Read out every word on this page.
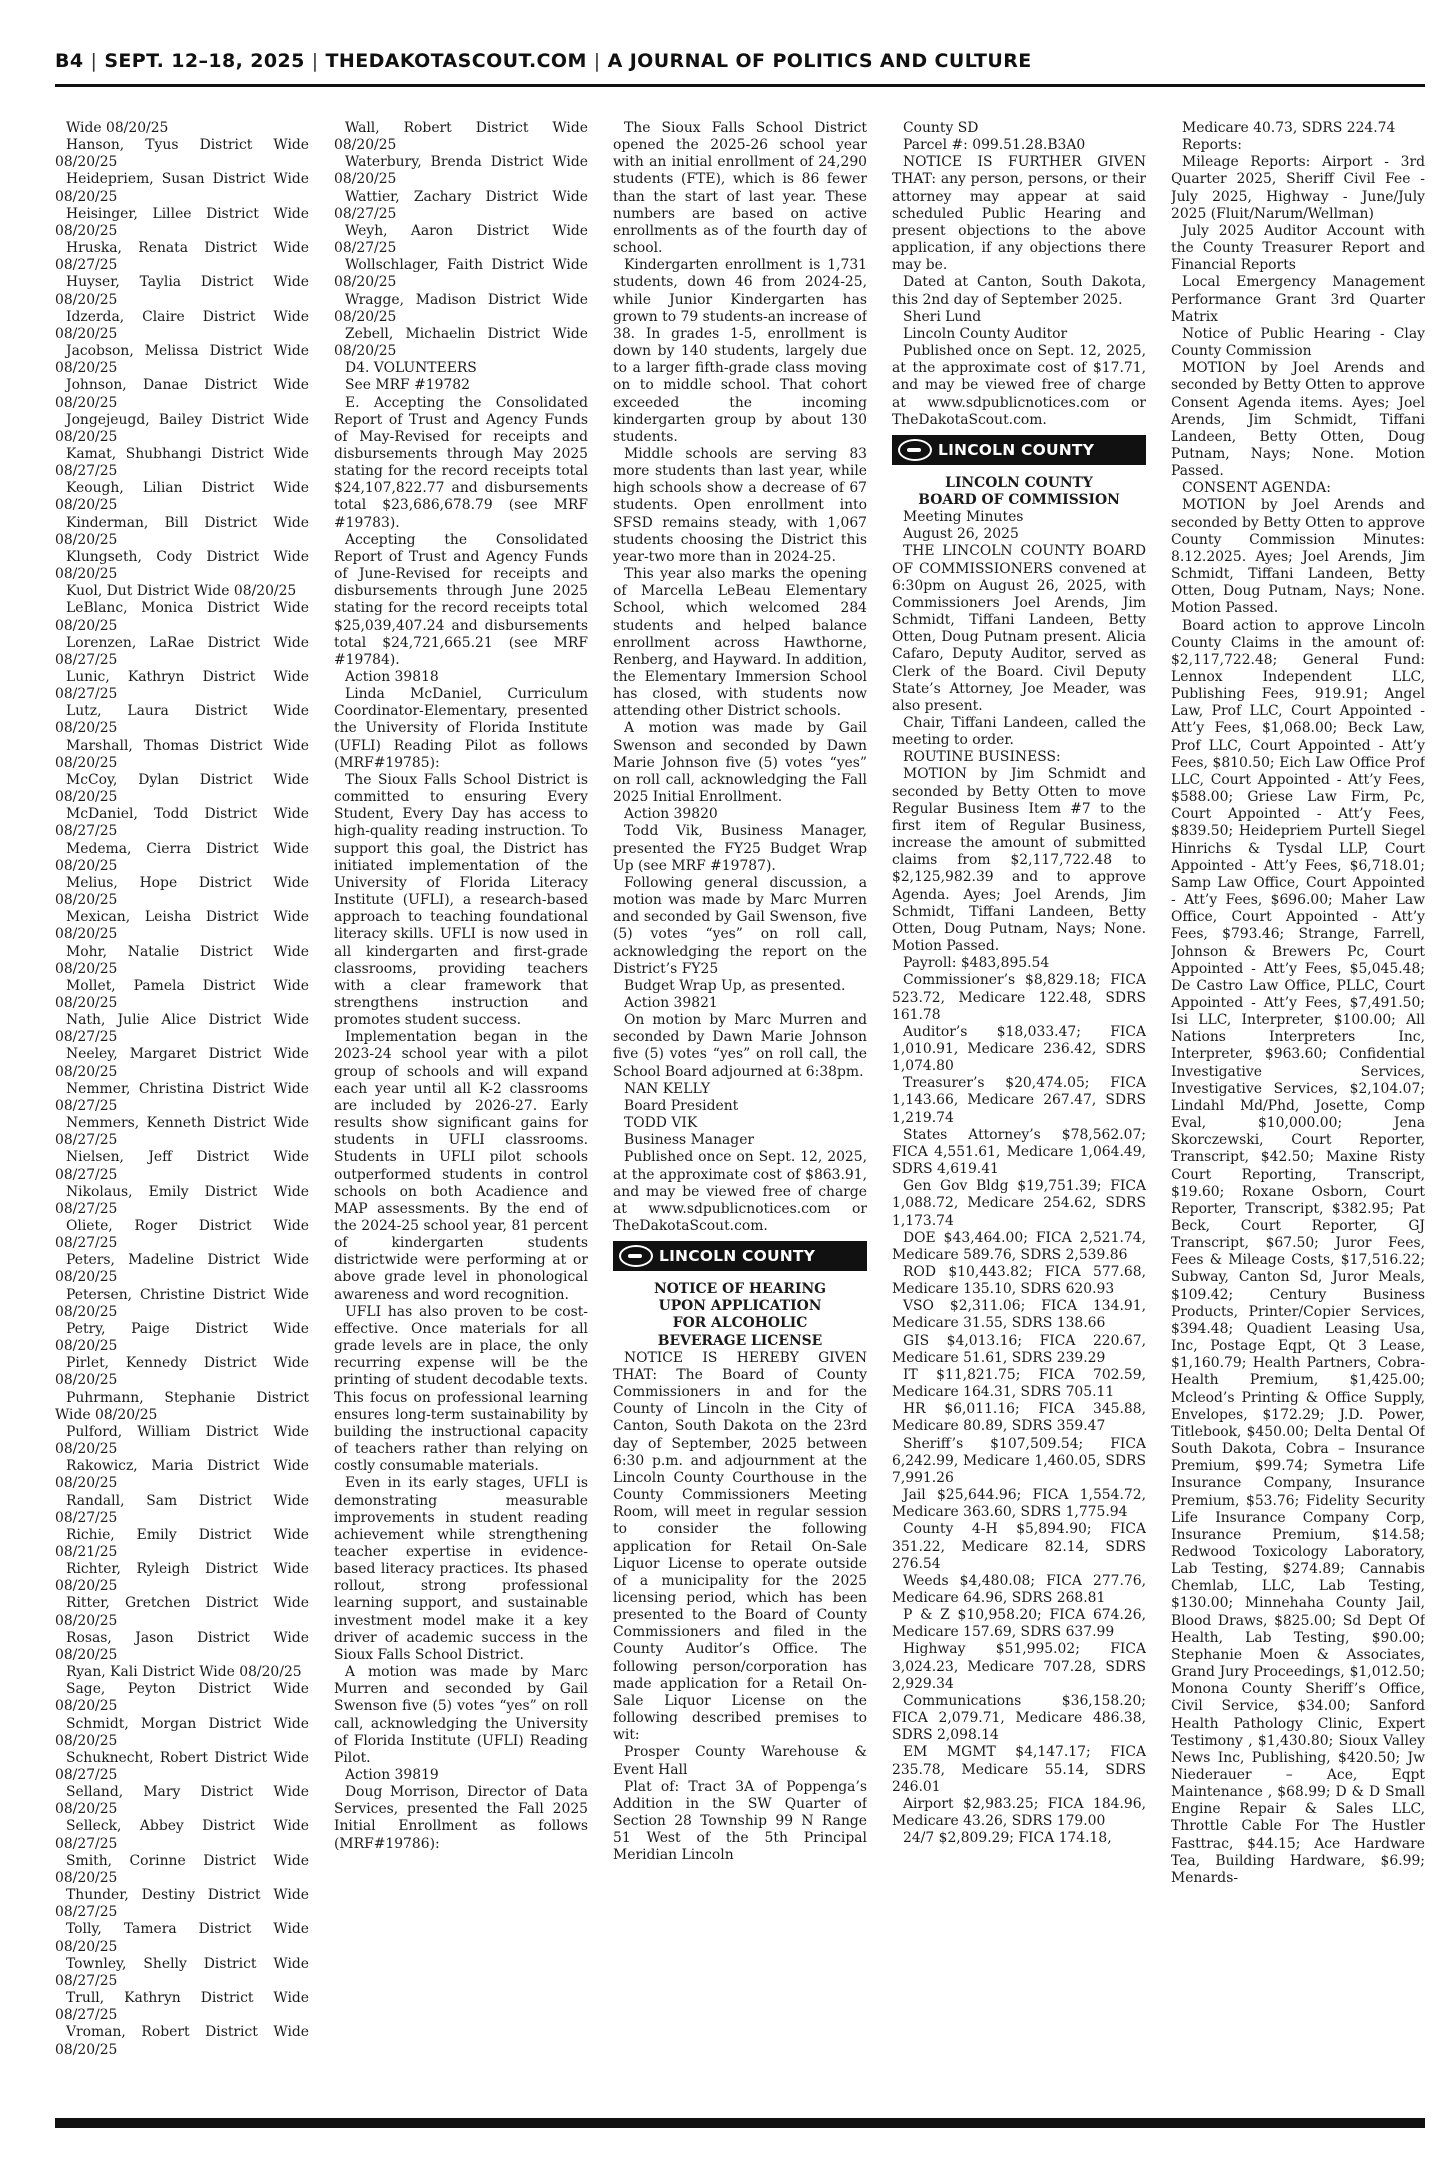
B4 | SEPT. 12–18, 2025 | THEDAKOTASCOUT.COM | A JOURNAL OF POLITICS AND CULTURE

Wide 08/20/25

Hanson, Tyus District Wide 08/20/25

Heidepriem, Susan District Wide 08/20/25

Heisinger, Lillee District Wide 08/20/25

Hruska, Renata District Wide 08/27/25

Huyser, Taylia District Wide 08/20/25

Idzerda, Claire District Wide 08/20/25

Jacobson, Melissa District Wide 08/20/25

Johnson, Danae District Wide 08/20/25

Jongejeugd, Bailey District Wide 08/20/25

Kamat, Shubhangi District Wide 08/27/25

Keough, Lilian District Wide 08/20/25

Kinderman, Bill District Wide 08/20/25

Klungseth, Cody District Wide 08/20/25

Kuol, Dut District Wide 08/20/25

LeBlanc, Monica District Wide 08/20/25

Lorenzen, LaRae District Wide 08/27/25

Lunic, Kathryn District Wide 08/27/25

Lutz, Laura District Wide 08/20/25

Marshall, Thomas District Wide 08/20/25

McCoy, Dylan District Wide 08/20/25

McDaniel, Todd District Wide 08/27/25

Medema, Cierra District Wide 08/20/25

Melius, Hope District Wide 08/20/25

Mexican, Leisha District Wide 08/20/25

Mohr, Natalie District Wide 08/20/25

Mollet, Pamela District Wide 08/20/25

Nath, Julie Alice District Wide 08/27/25

Neeley, Margaret District Wide 08/20/25

Nemmer, Christina District Wide 08/27/25

Nemmers, Kenneth District Wide 08/27/25

Nielsen, Jeff District Wide 08/27/25

Nikolaus, Emily District Wide 08/27/25

Oliete, Roger District Wide 08/27/25

Peters, Madeline District Wide 08/20/25

Petersen, Christine District Wide 08/20/25

Petry, Paige District Wide 08/20/25

Pirlet, Kennedy District Wide 08/20/25

Puhrmann, Stephanie District Wide 08/20/25

Pulford, William District Wide 08/20/25

Rakowicz, Maria District Wide 08/20/25

Randall, Sam District Wide 08/27/25

Richie, Emily District Wide 08/21/25

Richter, Ryleigh District Wide 08/20/25

Ritter, Gretchen District Wide 08/20/25

Rosas, Jason District Wide 08/20/25

Ryan, Kali District Wide 08/20/25

Sage, Peyton District Wide 08/20/25

Schmidt, Morgan District Wide 08/20/25

Schuknecht, Robert District Wide 08/27/25

Selland, Mary District Wide 08/20/25

Selleck, Abbey District Wide 08/27/25

Smith, Corinne District Wide 08/20/25

Thunder, Destiny District Wide 08/27/25

Tolly, Tamera District Wide 08/20/25

Townley, Shelly District Wide 08/27/25

Trull, Kathryn District Wide 08/27/25

Vroman, Robert District Wide 08/20/25

Wall, Robert District Wide 08/20/25

Waterbury, Brenda District Wide 08/20/25

Wattier, Zachary District Wide 08/27/25

Weyh, Aaron District Wide 08/27/25

Wollschlager, Faith District Wide 08/20/25

Wragge, Madison District Wide 08/20/25

Zebell, Michaelin District Wide 08/20/25

D4. VOLUNTEERS

See MRF #19782

E. Accepting the Consolidated Report of Trust and Agency Funds of May-Revised for receipts and disbursements through May 2025 stating for the record receipts total $24,107,822.77 and disbursements total $23,686,678.79 (see MRF #19783).

Accepting the Consolidated Report of Trust and Agency Funds of June-Revised for receipts and disbursements through June 2025 stating for the record receipts total $25,039,407.24 and disbursements total $24,721,665.21 (see MRF #19784).

Action 39818

Linda McDaniel, Curriculum Coordinator-Elementary, presented the University of Florida Institute (UFLI) Reading Pilot as follows (MRF#19785):

The Sioux Falls School District is committed to ensuring Every Student, Every Day has access to high-quality reading instruction. To support this goal, the District has initiated implementation of the University of Florida Literacy Institute (UFLI), a research-based approach to teaching foundational literacy skills. UFLI is now used in all kindergarten and first-grade classrooms, providing teachers with a clear framework that strengthens instruction and promotes student success.

Implementation began in the 2023-24 school year with a pilot group of schools and will expand each year until all K-2 classrooms are included by 2026-27. Early results show significant gains for students in UFLI classrooms. Students in UFLI pilot schools outperformed students in control schools on both Acadience and MAP assessments. By the end of the 2024-25 school year, 81 percent of kindergarten students districtwide were performing at or above grade level in phonological awareness and word recognition.

UFLI has also proven to be cost-effective. Once materials for all grade levels are in place, the only recurring expense will be the printing of student decodable texts. This focus on professional learning ensures long-term sustainability by building the instructional capacity of teachers rather than relying on costly consumable materials.

Even in its early stages, UFLI is demonstrating measurable improvements in student reading achievement while strengthening teacher expertise in evidence-based literacy practices. Its phased rollout, strong professional learning support, and sustainable investment model make it a key driver of academic success in the Sioux Falls School District.

A motion was made by Marc Murren and seconded by Gail Swenson five (5) votes “yes” on roll call, acknowledging the University of Florida Institute (UFLI) Reading Pilot.

Action 39819

Doug Morrison, Director of Data Services, presented the Fall 2025 Initial Enrollment as follows (MRF#19786):

The Sioux Falls School District opened the 2025-26 school year with an initial enrollment of 24,290 students (FTE), which is 86 fewer than the start of last year. These numbers are based on active enrollments as of the fourth day of school.

Kindergarten enrollment is 1,731 students, down 46 from 2024-25, while Junior Kindergarten has grown to 79 students-an increase of 38. In grades 1-5, enrollment is down by 140 students, largely due to a larger fifth-grade class moving on to middle school. That cohort exceeded the incoming kindergarten group by about 130 students.

Middle schools are serving 83 more students than last year, while high schools show a decrease of 67 students. Open enrollment into SFSD remains steady, with 1,067 students choosing the District this year-two more than in 2024-25.

This year also marks the opening of Marcella LeBeau Elementary School, which welcomed 284 students and helped balance enrollment across Hawthorne, Renberg, and Hayward. In addition, the Elementary Immersion School has closed, with students now attending other District schools.

A motion was made by Gail Swenson and seconded by Dawn Marie Johnson five (5) votes “yes” on roll call, acknowledging the Fall 2025 Initial Enrollment.

Action 39820

Todd Vik, Business Manager, presented the FY25 Budget Wrap Up (see MRF #19787).

Following general discussion, a motion was made by Marc Murren and seconded by Gail Swenson, five (5) votes “yes” on roll call, acknowledging the report on the District’s FY25

Budget Wrap Up, as presented.

Action 39821

On motion by Marc Murren and seconded by Dawn Marie Johnson five (5) votes “yes” on roll call, the School Board adjourned at 6:38pm.

NAN KELLY

Board President

TODD VIK

Business Manager

Published once on Sept. 12, 2025, at the approximate cost of $863.91, and may be viewed free of charge at www.sdpublicnotices.com or TheDakotaScout.com.

LINCOLN COUNTY

NOTICE OF HEARING

UPON APPLICATION

FOR ALCOHOLIC

BEVERAGE LICENSE

NOTICE IS HEREBY GIVEN THAT: The Board of County Commissioners in and for the County of Lincoln in the City of Canton, South Dakota on the 23rd day of September, 2025 between 6:30 p.m. and adjournment at the Lincoln County Courthouse in the County Commissioners Meeting Room, will meet in regular session to consider the following application for Retail On-Sale Liquor License to operate outside of a municipality for the 2025 licensing period, which has been presented to the Board of County Commissioners and filed in the County Auditor’s Office. The following person/corporation has made application for a Retail On-Sale Liquor License on the following described premises to wit:

Prosper County Warehouse & Event Hall

Plat of: Tract 3A of Poppenga’s Addition in the SW Quarter of Section 28 Township 99 N Range 51 West of the 5th Principal Meridian Lincoln

County SD

Parcel #: 099.51.28.B3A0

NOTICE IS FURTHER GIVEN THAT: any person, persons, or their attorney may appear at said scheduled Public Hearing and present objections to the above application, if any objections there may be.

Dated at Canton, South Dakota, this 2nd day of September 2025.

Sheri Lund

Lincoln County Auditor

Published once on Sept. 12, 2025, at the approximate cost of $17.71, and may be viewed free of charge at www.sdpublicnotices.com or TheDakotaScout.com.

LINCOLN COUNTY

LINCOLN COUNTY

BOARD OF COMMISSION

Meeting Minutes

August 26, 2025

THE LINCOLN COUNTY BOARD OF COMMISSIONERS convened at 6:30pm on August 26, 2025, with Commissioners Joel Arends, Jim Schmidt, Tiffani Landeen, Betty Otten, Doug Putnam present. Alicia Cafaro, Deputy Auditor, served as Clerk of the Board. Civil Deputy State’s Attorney, Joe Meader, was also present.

Chair, Tiffani Landeen, called the meeting to order.

ROUTINE BUSINESS:

MOTION by Jim Schmidt and seconded by Betty Otten to move Regular Business Item #7 to the first item of Regular Business, increase the amount of submitted claims from $2,117,722.48 to $2,125,982.39 and to approve Agenda. Ayes; Joel Arends, Jim Schmidt, Tiffani Landeen, Betty Otten, Doug Putnam, Nays; None. Motion Passed.

Payroll: $483,895.54

Commissioner’s $8,829.18; FICA 523.72, Medicare 122.48, SDRS 161.78

Auditor’s $18,033.47; FICA 1,010.91, Medicare 236.42, SDRS 1,074.80

Treasurer’s $20,474.05; FICA 1,143.66, Medicare 267.47, SDRS 1,219.74

States Attorney’s $78,562.07; FICA 4,551.61, Medicare 1,064.49, SDRS 4,619.41

Gen Gov Bldg $19,751.39; FICA 1,088.72, Medicare 254.62, SDRS 1,173.74

DOE $43,464.00; FICA 2,521.74, Medicare 589.76, SDRS 2,539.86

ROD $10,443.82; FICA 577.68, Medicare 135.10, SDRS 620.93

VSO $2,311.06; FICA 134.91, Medicare 31.55, SDRS 138.66

GIS $4,013.16; FICA 220.67, Medicare 51.61, SDRS 239.29

IT $11,821.75; FICA 702.59, Medicare 164.31, SDRS 705.11

HR $6,011.16; FICA 345.88, Medicare 80.89, SDRS 359.47

Sheriff’s $107,509.54; FICA 6,242.99, Medicare 1,460.05, SDRS 7,991.26

Jail $25,644.96; FICA 1,554.72, Medicare 363.60, SDRS 1,775.94

County 4-H $5,894.90; FICA 351.22, Medicare 82.14, SDRS 276.54

Weeds $4,480.08; FICA 277.76, Medicare 64.96, SDRS 268.81

P & Z $10,958.20; FICA 674.26, Medicare 157.69, SDRS 637.99

Highway $51,995.02; FICA 3,024.23, Medicare 707.28, SDRS 2,929.34

Communications $36,158.20; FICA 2,079.71, Medicare 486.38, SDRS 2,098.14

EM MGMT $4,147.17; FICA 235.78, Medicare 55.14, SDRS 246.01

Airport $2,983.25; FICA 184.96, Medicare 43.26, SDRS 179.00

24/7 $2,809.29; FICA 174.18,

Medicare 40.73, SDRS 224.74

Reports:

Mileage Reports: Airport - 3rd Quarter 2025, Sheriff Civil Fee - July 2025, Highway - June/July 2025 (Fluit/Narum/Wellman)

July 2025 Auditor Account with the County Treasurer Report and Financial Reports

Local Emergency Management Performance Grant 3rd Quarter Matrix

Notice of Public Hearing - Clay County Commission

MOTION by Joel Arends and seconded by Betty Otten to approve Consent Agenda items. Ayes; Joel Arends, Jim Schmidt, Tiffani Landeen, Betty Otten, Doug Putnam, Nays; None. Motion Passed.

CONSENT AGENDA:

MOTION by Joel Arends and seconded by Betty Otten to approve County Commission Minutes: 8.12.2025. Ayes; Joel Arends, Jim Schmidt, Tiffani Landeen, Betty Otten, Doug Putnam, Nays; None. Motion Passed.

Board action to approve Lincoln County Claims in the amount of: $2,117,722.48; General Fund: Lennox Independent LLC, Publishing Fees, 919.91; Angel Law, Prof LLC, Court Appointed - Att’y Fees, $1,068.00; Beck Law, Prof LLC, Court Appointed - Att’y Fees, $810.50; Eich Law Office Prof LLC, Court Appointed - Att’y Fees, $588.00; Griese Law Firm, Pc, Court Appointed - Att’y Fees, $839.50; Heidepriem Purtell Siegel Hinrichs & Tysdal LLP, Court Appointed - Att’y Fees, $6,718.01; Samp Law Office, Court Appointed - Att’y Fees, $696.00; Maher Law Office, Court Appointed - Att’y Fees, $793.46; Strange, Farrell, Johnson & Brewers Pc, Court Appointed - Att’y Fees, $5,045.48; De Castro Law Office, PLLC, Court Appointed - Att’y Fees, $7,491.50; Isi LLC, Interpreter, $100.00; All Nations Interpreters Inc, Interpreter, $963.60; Confidential Investigative Services, Investigative Services, $2,104.07; Lindahl Md/Phd, Josette, Comp Eval, $10,000.00; Jena Skorczewski, Court Reporter, Transcript, $42.50; Maxine Risty Court Reporting, Transcript, $19.60; Roxane Osborn, Court Reporter, Transcript, $382.95; Pat Beck, Court Reporter, GJ Transcript, $67.50; Juror Fees, Fees & Mileage Costs, $17,516.22; Subway, Canton Sd, Juror Meals, $109.42; Century Business Products, Printer/Copier Services, $394.48; Quadient Leasing Usa, Inc, Postage Eqpt, Qt 3 Lease, $1,160.79; Health Partners, Cobra-Health Premium, $1,425.00; Mcleod’s Printing & Office Supply, Envelopes, $172.29; J.D. Power, Titlebook, $450.00; Delta Dental Of South Dakota, Cobra – Insurance Premium, $99.74; Symetra Life Insurance Company, Insurance Premium, $53.76; Fidelity Security Life Insurance Company Corp, Insurance Premium, $14.58; Redwood Toxicology Laboratory, Lab Testing, $274.89; Cannabis Chemlab, LLC, Lab Testing, $130.00; Minnehaha County Jail, Blood Draws, $825.00; Sd Dept Of Health, Lab Testing, $90.00; Stephanie Moen & Associates, Grand Jury Proceedings, $1,012.50; Monona County Sheriff’s Office, Civil Service, $34.00; Sanford Health Pathology Clinic, Expert Testimony , $1,430.80; Sioux Valley News Inc, Publishing, $420.50; Jw Niederauer – Ace, Eqpt Maintenance , $68.99; D & D Small Engine Repair & Sales LLC, Throttle Cable For The Hustler Fasttrac, $44.15; Ace Hardware Tea, Building Hardware, $6.99; Menards-
